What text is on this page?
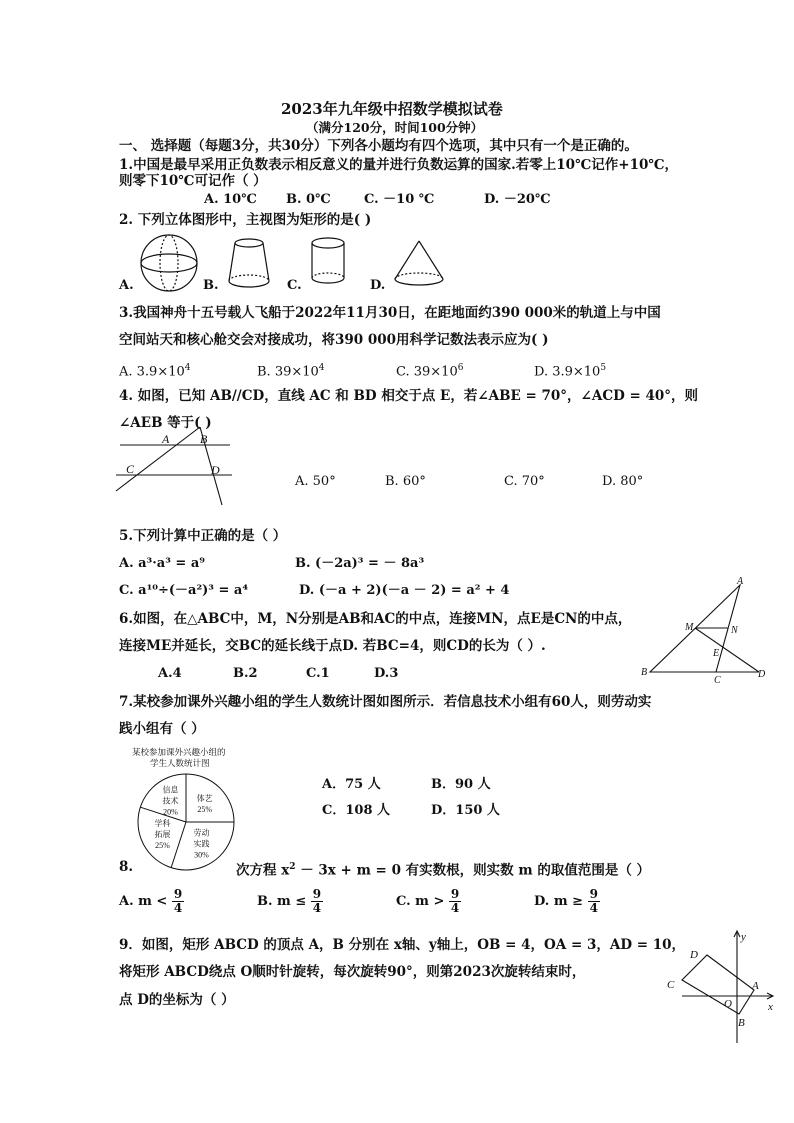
2023年九年级中招数学模拟试卷
（满分120分，时间100分钟）
一、 选择题（每题3分，共30分）下列各小题均有四个选项，其中只有一个是正确的。
1.中国是最早采用正负数表示相反意义的量并进行负数运算的国家.若零上10℃记作+10℃，
则零下10℃可记作（ ）
A. 10℃ B. 0℃	C. －10 ℃	D. －20℃
2. 下列立体图形中，主视图为矩形的是( )
A.	B.	C.	D.
3.我国神舟十五号载人飞船于2022年11月30日，在距地面约390 000米的轨道上与中国
空间站天和核心舱交会对接成功，将390 000用科学记数法表示应为( )
A. $3.9\times 10^4$	B. $39\times 10^4$	C. $39\times 10^6$	D. $3.9\times 10^5$
4. 如图，已知 AB//CD，直线 AC 和 BD 相交于点 E，若∠ABE = 70°，∠ACD = 40°，则
∠AEB 等于( )
A	B
C	D
A. 50°	B. 60°	C. 70°	D. 80°
5.下列计算中正确的是（ ）
A. a³·a³ = a⁹	B. (－2a)³ = － 8a³
C. a¹⁰÷(－a²)³ = a⁴	D. (－a + 2)(－a － 2) = a² + 4
6.如图，在△ABC中，M，N分别是AB和AC的中点，连接MN，点E是CN的中点，
连接ME并延长，交BC的延长线于点D. 若BC=4，则CD的长为（ ）.
A.4	B.2	C.1	D.3
A
M	N
E
B
C
D
7.某校参加课外兴趣小组的学生人数统计图如图所示．若信息技术小组有60人，则劳动实
践小组有（ ）
某校参加课外兴趣小组的
学生人数统计图
信息
技术
20%
体艺
25%
劳动
实践
30%
学科
拓展
25%
A．75 人	B．90 人
C．108 人	D．150 人
8.	次方程 $x^2 - 3x + m = 0$ 有实数根，则实数 m 的取值范围是（ ）
A. $m < \frac{9}{4}$	B. $m \le \frac{9}{4}$	C. $m > \frac{9}{4}$	D. $m \ge \frac{9}{4}$
9．如图，矩形 ABCD 的顶点 A，B 分别在 x轴、y轴上，OB = 4，OA = 3，AD = 10，
将矩形 ABCD绕点 O顺时针旋转，每次旋转90°，则第2023次旋转结束时，
点 D的坐标为（ ）
y
D
C	A
O
B
x
